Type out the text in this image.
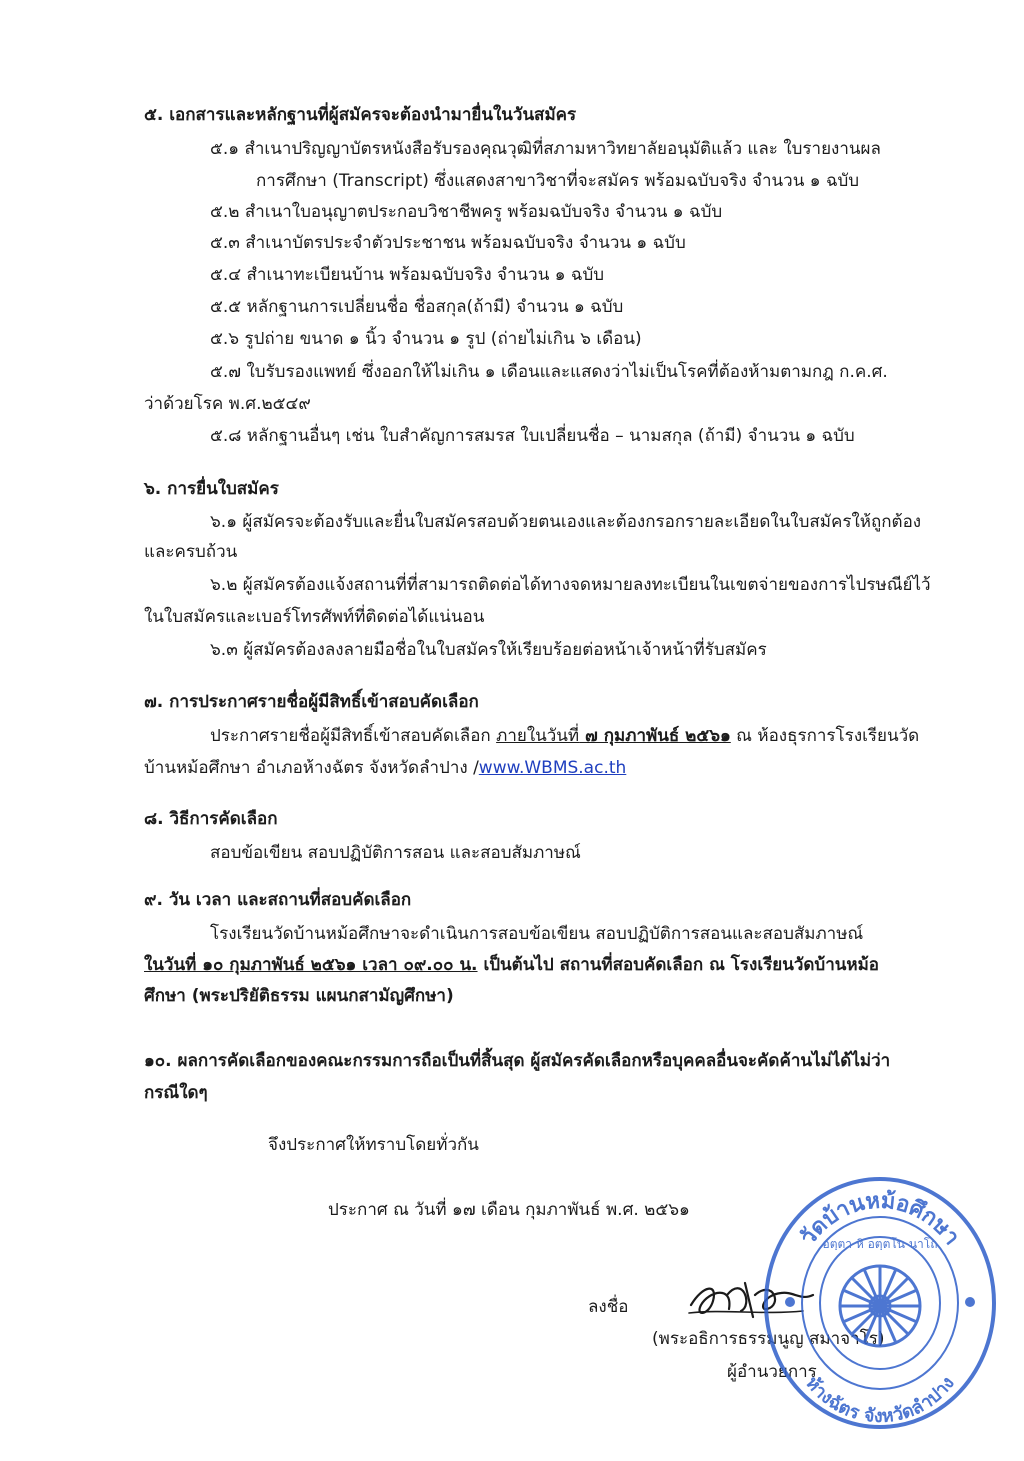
๕. เอกสารและหลักฐานที่ผู้สมัครจะต้องนำมายื่นในวันสมัคร
๕.๑ สำเนาปริญญาบัตรหนังสือรับรองคุณวุฒิที่สภามหาวิทยาลัยอนุมัติแล้ว และ ใบรายงานผล
การศึกษา (Transcript) ซึ่งแสดงสาขาวิชาที่จะสมัคร พร้อมฉบับจริง จำนวน ๑ ฉบับ
๕.๒ สำเนาใบอนุญาตประกอบวิชาชีพครู พร้อมฉบับจริง จำนวน ๑ ฉบับ
๕.๓ สำเนาบัตรประจำตัวประชาชน พร้อมฉบับจริง จำนวน ๑ ฉบับ
๕.๔ สำเนาทะเบียนบ้าน พร้อมฉบับจริง จำนวน ๑ ฉบับ
๕.๕ หลักฐานการเปลี่ยนชื่อ ชื่อสกุล(ถ้ามี) จำนวน ๑ ฉบับ
๕.๖ รูปถ่าย ขนาด ๑ นิ้ว จำนวน ๑ รูป (ถ่ายไม่เกิน ๖ เดือน)
๕.๗ ใบรับรองแพทย์ ซึ่งออกให้ไม่เกิน ๑ เดือนและแสดงว่าไม่เป็นโรคที่ต้องห้ามตามกฎ ก.ค.ศ.
ว่าด้วยโรค พ.ศ.๒๕๔๙
๕.๘ หลักฐานอื่นๆ เช่น ใบสำคัญการสมรส ใบเปลี่ยนชื่อ – นามสกุล (ถ้ามี) จำนวน ๑ ฉบับ
๖. การยื่นใบสมัคร
๖.๑ ผู้สมัครจะต้องรับและยื่นใบสมัครสอบด้วยตนเองและต้องกรอกรายละเอียดในใบสมัครให้ถูกต้อง
และครบถ้วน
๖.๒ ผู้สมัครต้องแจ้งสถานที่ที่สามารถติดต่อได้ทางจดหมายลงทะเบียนในเขตจ่ายของการไปรษณีย์ไว้
ในใบสมัครและเบอร์โทรศัพท์ที่ติดต่อได้แน่นอน
๖.๓ ผู้สมัครต้องลงลายมือชื่อในใบสมัครให้เรียบร้อยต่อหน้าเจ้าหน้าที่รับสมัคร
๗. การประกาศรายชื่อผู้มีสิทธิ์เข้าสอบคัดเลือก
ประกาศรายชื่อผู้มีสิทธิ์เข้าสอบคัดเลือก ภายในวันที่ ๗ กุมภาพันธ์ ๒๕๖๑ ณ ห้องธุรการโรงเรียนวัด
บ้านหม้อศึกษา อำเภอห้างฉัตร จังหวัดลำปาง /www.WBMS.ac.th
๘. วิธีการคัดเลือก
สอบข้อเขียน สอบปฏิบัติการสอน และสอบสัมภาษณ์
๙. วัน เวลา และสถานที่สอบคัดเลือก
โรงเรียนวัดบ้านหม้อศึกษาจะดำเนินการสอบข้อเขียน สอบปฏิบัติการสอนและสอบสัมภาษณ์
ในวันที่ ๑๐ กุมภาพันธ์ ๒๕๖๑ เวลา ๐๙.๐๐ น. เป็นต้นไป สถานที่สอบคัดเลือก ณ โรงเรียนวัดบ้านหม้อ
ศึกษา (พระปริยัติธรรม แผนกสามัญศึกษา)
๑๐. ผลการคัดเลือกของคณะกรรมการถือเป็นที่สิ้นสุด ผู้สมัครคัดเลือกหรือบุคคลอื่นจะคัดค้านไม่ได้ไม่ว่า
กรณีใดๆ
จึงประกาศให้ทราบโดยทั่วกัน
ประกาศ ณ วันที่ ๑๗ เดือน กุมภาพันธ์ พ.ศ. ๒๕๖๑
ลงชื่อ
(พระอธิการธรรมนูญ สมาจาโร)
ผู้อำนวยการ
วัดบ้านหม้อศึกษา
อตฺตา หิ อตฺตโน นาโถ
ห้างฉัตร จังหวัดลำปาง
